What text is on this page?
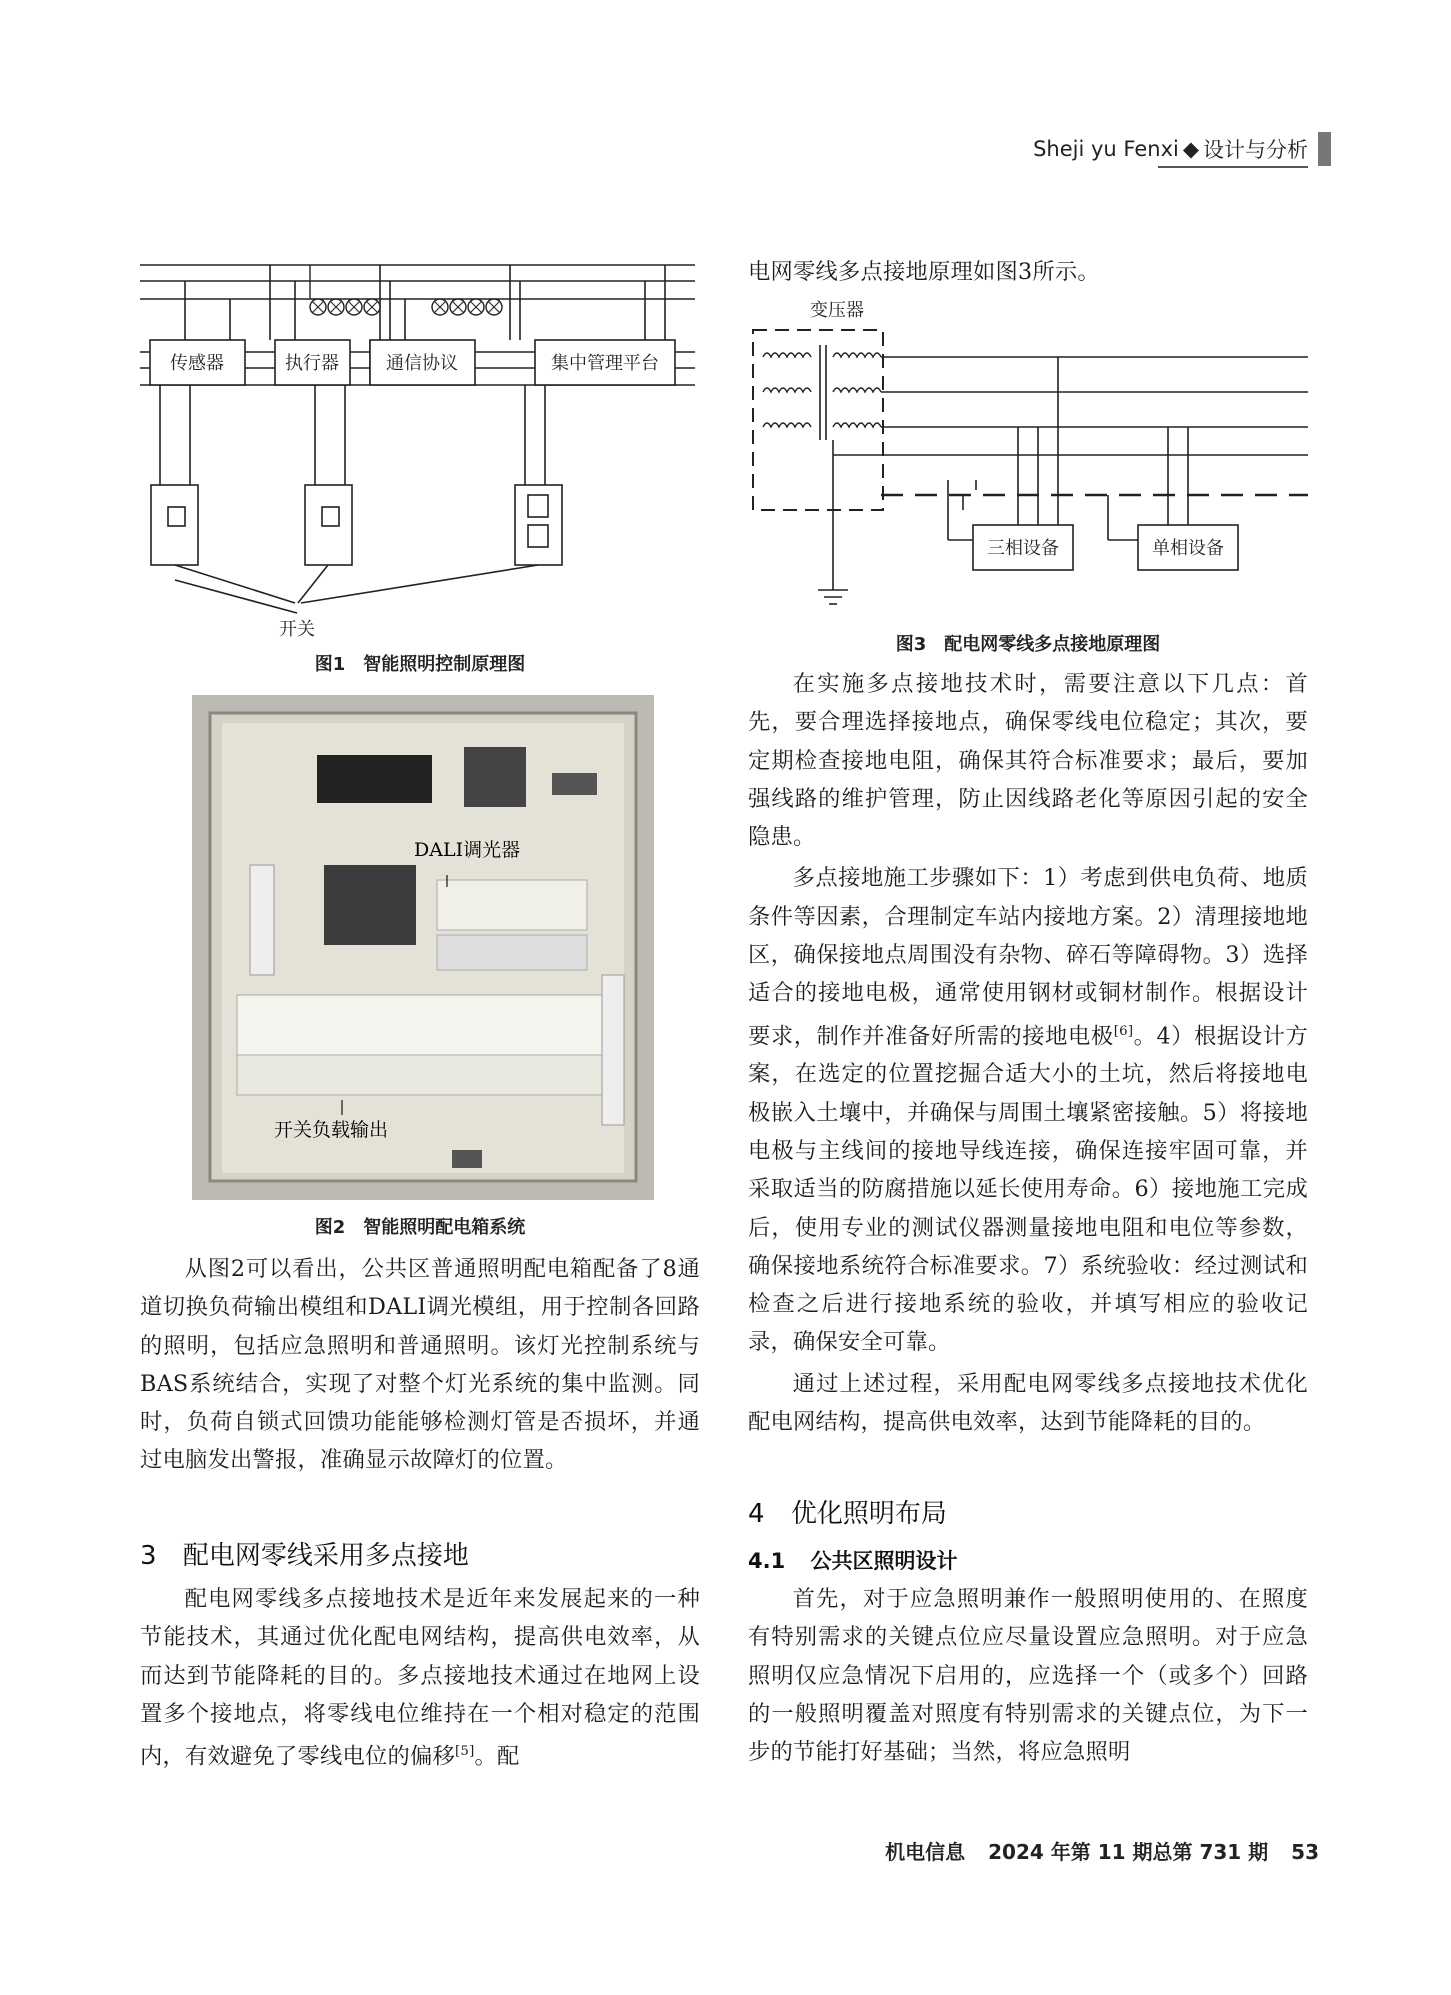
Sheji yu Fenxi ◆ 设计与分析
传感器	执行器	通信协议	集中管理平台
开关
图1　智能照明控制原理图
DALI调光器
开关负载输出
图2　智能照明配电箱系统

从图2可以看出，公共区普通照明配电箱配备了8通道切换负荷输出模组和DALI调光模组，用于控制各回路的照明，包括应急照明和普通照明。该灯光控制系统与BAS系统结合，实现了对整个灯光系统的集中监测。同时，负荷自锁式回馈功能能够检测灯管是否损坏，并通过电脑发出警报，准确显示故障灯的位置。

3 配电网零线采用多点接地

配电网零线多点接地技术是近年来发展起来的一种节能技术，其通过优化配电网结构，提高供电效率，从而达到节能降耗的目的。多点接地技术通过在地网上设置多个接地点，将零线电位维持在一个相对稳定的范围内，有效避免了零线电位的偏移[5]。配

电网零线多点接地原理如图3所示。
变压器
三相设备	单相设备
图3　配电网零线多点接地原理图

在实施多点接地技术时，需要注意以下几点：首先，要合理选择接地点，确保零线电位稳定；其次，要定期检查接地电阻，确保其符合标准要求；最后，要加强线路的维护管理，防止因线路老化等原因引起的安全隐患。

多点接地施工步骤如下：1）考虑到供电负荷、地质条件等因素，合理制定车站内接地方案。2）清理接地地区，确保接地点周围没有杂物、碎石等障碍物。3）选择适合的接地电极，通常使用钢材或铜材制作。根据设计要求，制作并准备好所需的接地电极[6]。4）根据设计方案，在选定的位置挖掘合适大小的土坑，然后将接地电极嵌入土壤中，并确保与周围土壤紧密接触。5）将接地电极与主线间的接地导线连接，确保连接牢固可靠，并采取适当的防腐措施以延长使用寿命。6）接地施工完成后，使用专业的测试仪器测量接地电阻和电位等参数，确保接地系统符合标准要求。7）系统验收：经过测试和检查之后进行接地系统的验收，并填写相应的验收记录，确保安全可靠。

通过上述过程，采用配电网零线多点接地技术优化配电网结构，提高供电效率，达到节能降耗的目的。

4 优化照明布局
4.1 公共区照明设计

首先，对于应急照明兼作一般照明使用的、在照度有特别需求的关键点位应尽量设置应急照明。对于应急照明仅应急情况下启用的，应选择一个（或多个）回路的一般照明覆盖对照度有特别需求的关键点位，为下一步的节能打好基础；当然，将应急照明

机电信息 2024 年第 11 期总第 731 期 53
